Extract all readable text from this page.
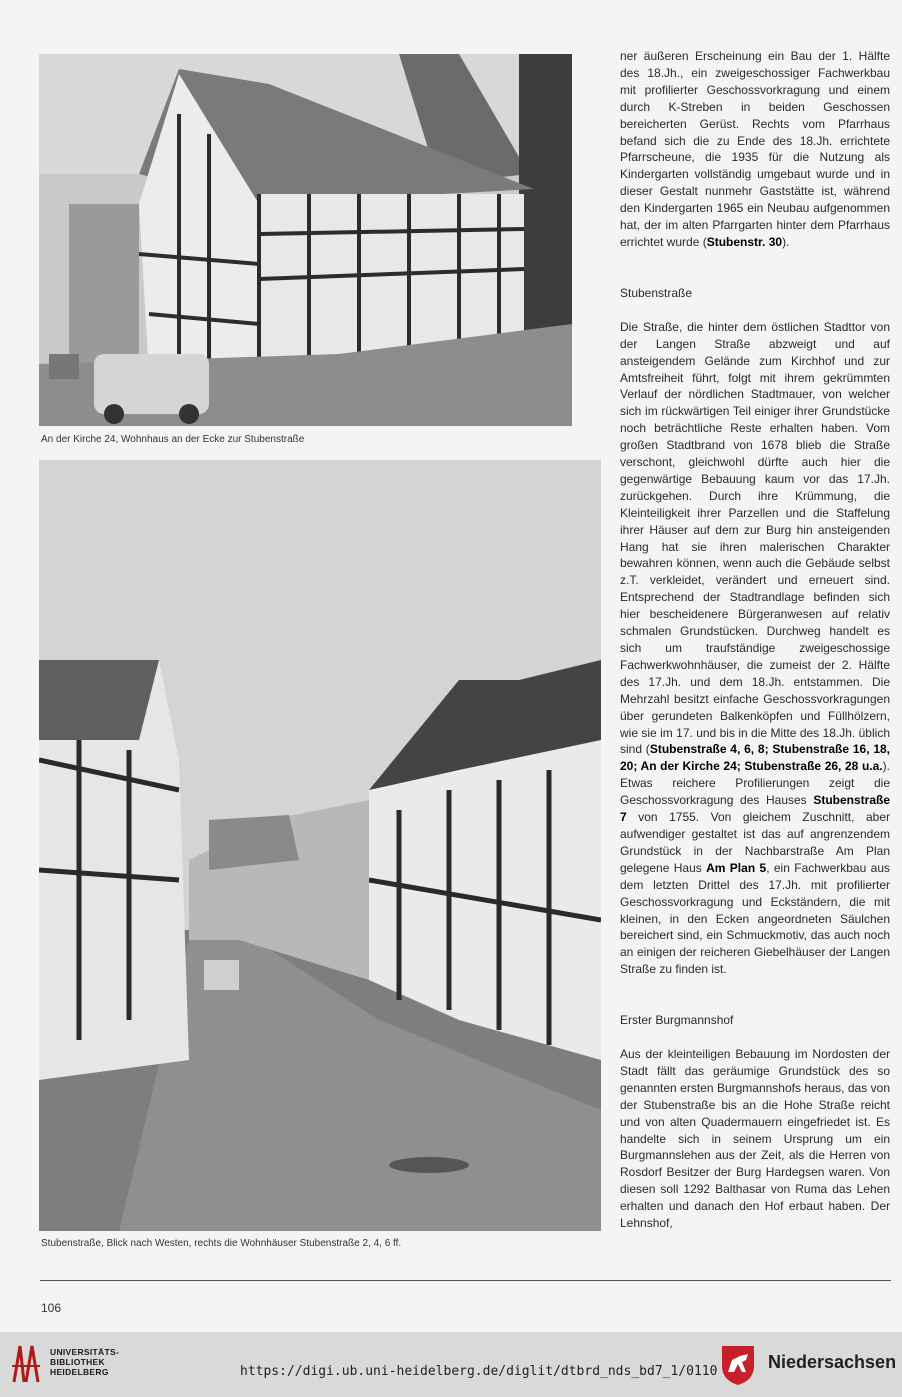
An der Kirche 24, Wohnhaus an der Ecke zur Stubenstraße
Stubenstraße, Blick nach Westen, rechts die Wohnhäuser Stubenstraße 2, 4, 6 ff.

ner äußeren Erscheinung ein Bau der 1. Hälfte des 18.Jh., ein zweigeschossiger Fachwerkbau mit profilierter Geschossvorkragung und einem durch K-Streben in beiden Geschossen bereicherten Gerüst. Rechts vom Pfarrhaus befand sich die zu Ende des 18.Jh. errichtete Pfarrscheune, die 1935 für die Nutzung als Kindergarten vollständig umgebaut wurde und in dieser Gestalt nunmehr Gaststätte ist, während den Kindergarten 1965 ein Neubau aufgenommen hat, der im alten Pfarrgarten hinter dem Pfarrhaus errichtet wurde (Stubenstr. 30).

Stubenstraße

Die Straße, die hinter dem östlichen Stadttor von der Langen Straße abzweigt und auf ansteigendem Gelände zum Kirchhof und zur Amtsfreiheit führt, folgt mit ihrem gekrümmten Verlauf der nördlichen Stadtmauer, von welcher sich im rückwärtigen Teil einiger ihrer Grundstücke noch beträchtliche Reste erhalten haben. Vom großen Stadtbrand von 1678 blieb die Straße verschont, gleichwohl dürfte auch hier die gegenwärtige Bebauung kaum vor das 17.Jh. zurückgehen. Durch ihre Krümmung, die Kleinteiligkeit ihrer Parzellen und die Staffelung ihrer Häuser auf dem zur Burg hin ansteigenden Hang hat sie ihren malerischen Charakter bewahren können, wenn auch die Gebäude selbst z.T. verkleidet, verändert und erneuert sind. Entsprechend der Stadtrandlage befinden sich hier bescheidenere Bürgeranwesen auf relativ schmalen Grundstücken. Durchweg handelt es sich um traufständige zweigeschossige Fachwerkwohnhäuser, die zumeist der 2. Hälfte des 17.Jh. und dem 18.Jh. entstammen. Die Mehrzahl besitzt einfache Geschossvorkragungen über gerundeten Balkenköpfen und Füllhölzern, wie sie im 17. und bis in die Mitte des 18.Jh. üblich sind (Stubenstraße 4, 6, 8; Stubenstraße 16, 18, 20; An der Kirche 24; Stubenstraße 26, 28 u.a.). Etwas reichere Profilierungen zeigt die Geschossvorkragung des Hauses Stubenstraße 7 von 1755. Von gleichem Zuschnitt, aber aufwendiger gestaltet ist das auf angrenzendem Grundstück in der Nachbarstraße Am Plan gelegene Haus Am Plan 5, ein Fachwerkbau aus dem letzten Drittel des 17.Jh. mit profilierter Geschossvorkragung und Eckständern, die mit kleinen, in den Ecken angeordneten Säulchen bereichert sind, ein Schmuckmotiv, das auch noch an einigen der reicheren Giebelhäuser der Langen Straße zu finden ist.

Erster Burgmannshof

Aus der kleinteiligen Bebauung im Nordosten der Stadt fällt das geräumige Grundstück des so genannten ersten Burgmannshofs heraus, das von der Stubenstraße bis an die Hohe Straße reicht und von alten Quadermauern eingefriedet ist. Es handelte sich in seinem Ursprung um ein Burgmannslehen aus der Zeit, als die Herren von Rosdorf Besitzer der Burg Hardegsen waren. Von diesen soll 1292 Balthasar von Ruma das Lehen erhalten und danach den Hof erbaut haben. Der Lehnshof,

106
UNIVERSITÄTS-
BIBLIOTHEK
HEIDELBERG	https://digi.ub.uni-heidelberg.de/diglit/dtbrd_nds_bd7_1/0110	Niedersachsen
